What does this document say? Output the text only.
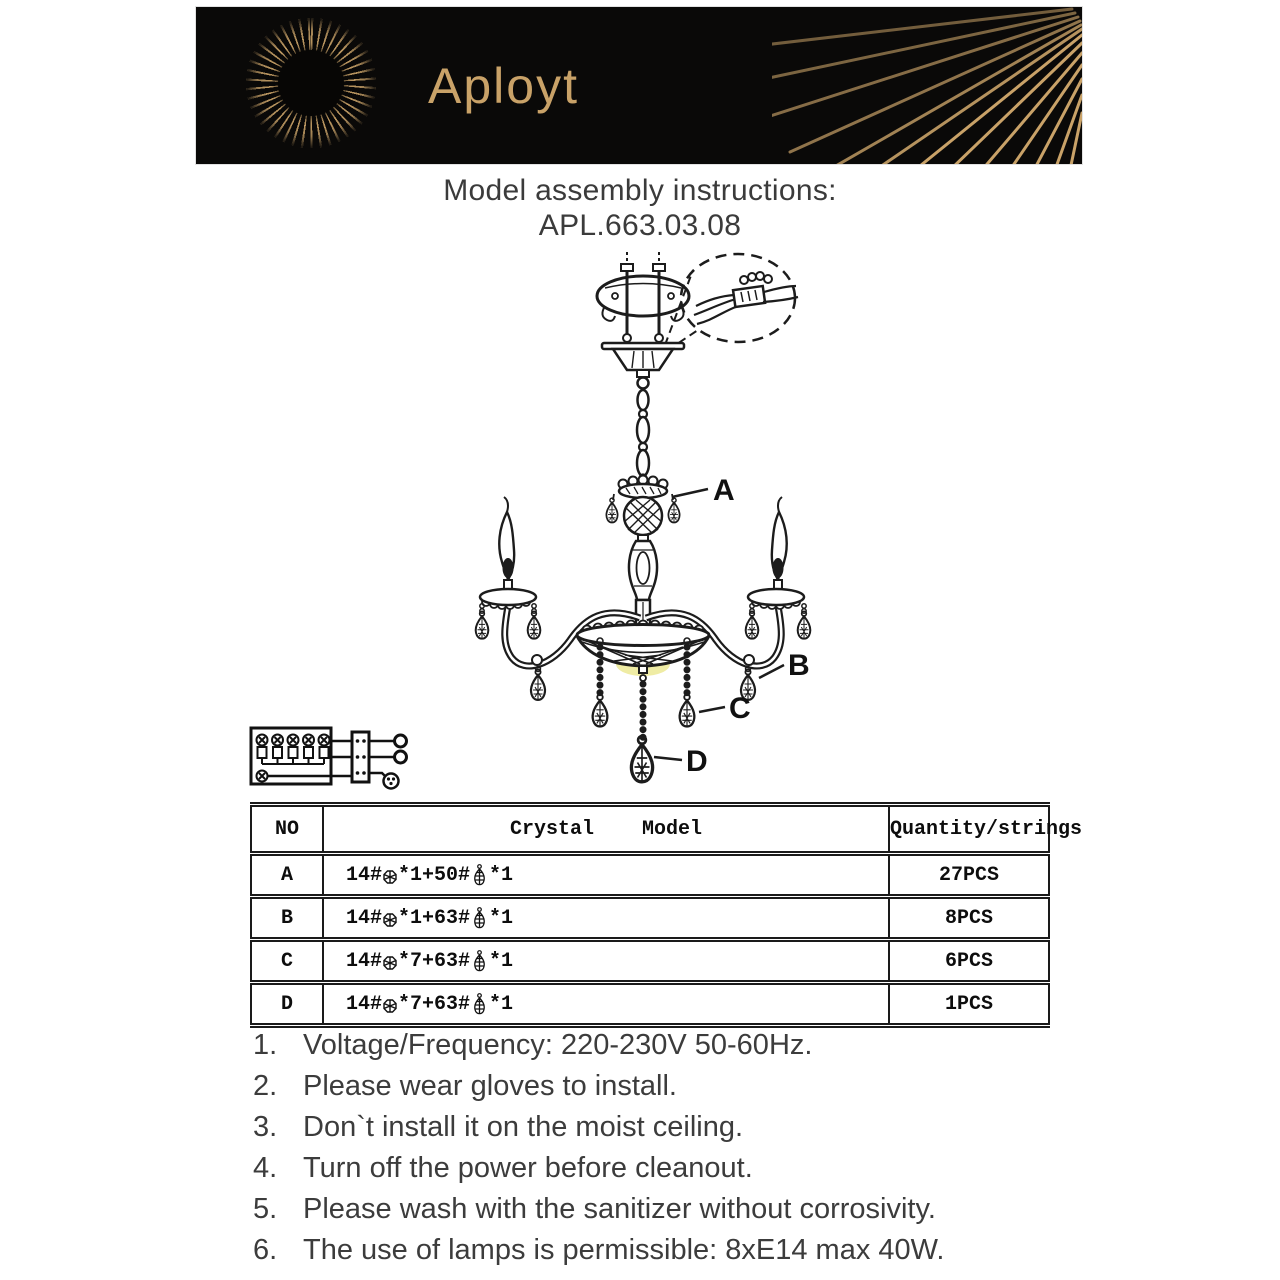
Aployt
Model assembly instructions:
APL.663.03.08
A
B
C
D
NO	Crystal    Model	Quantity/strings
A	14# *1+50# *1	27PCS
B	14# *1+63# *1	8PCS
C	14# *7+63# *1	6PCS
D	14# *7+63# *1	1PCS
1. Voltage/Frequency: 220-230V 50-60Hz.
2. Please wear gloves to install.
3. Don`t install it on the moist ceiling.
4. Turn off the power before cleanout.
5. Please wash with the sanitizer without corrosivity.
6. The use of lamps is permissible: 8xE14 max 40W.
